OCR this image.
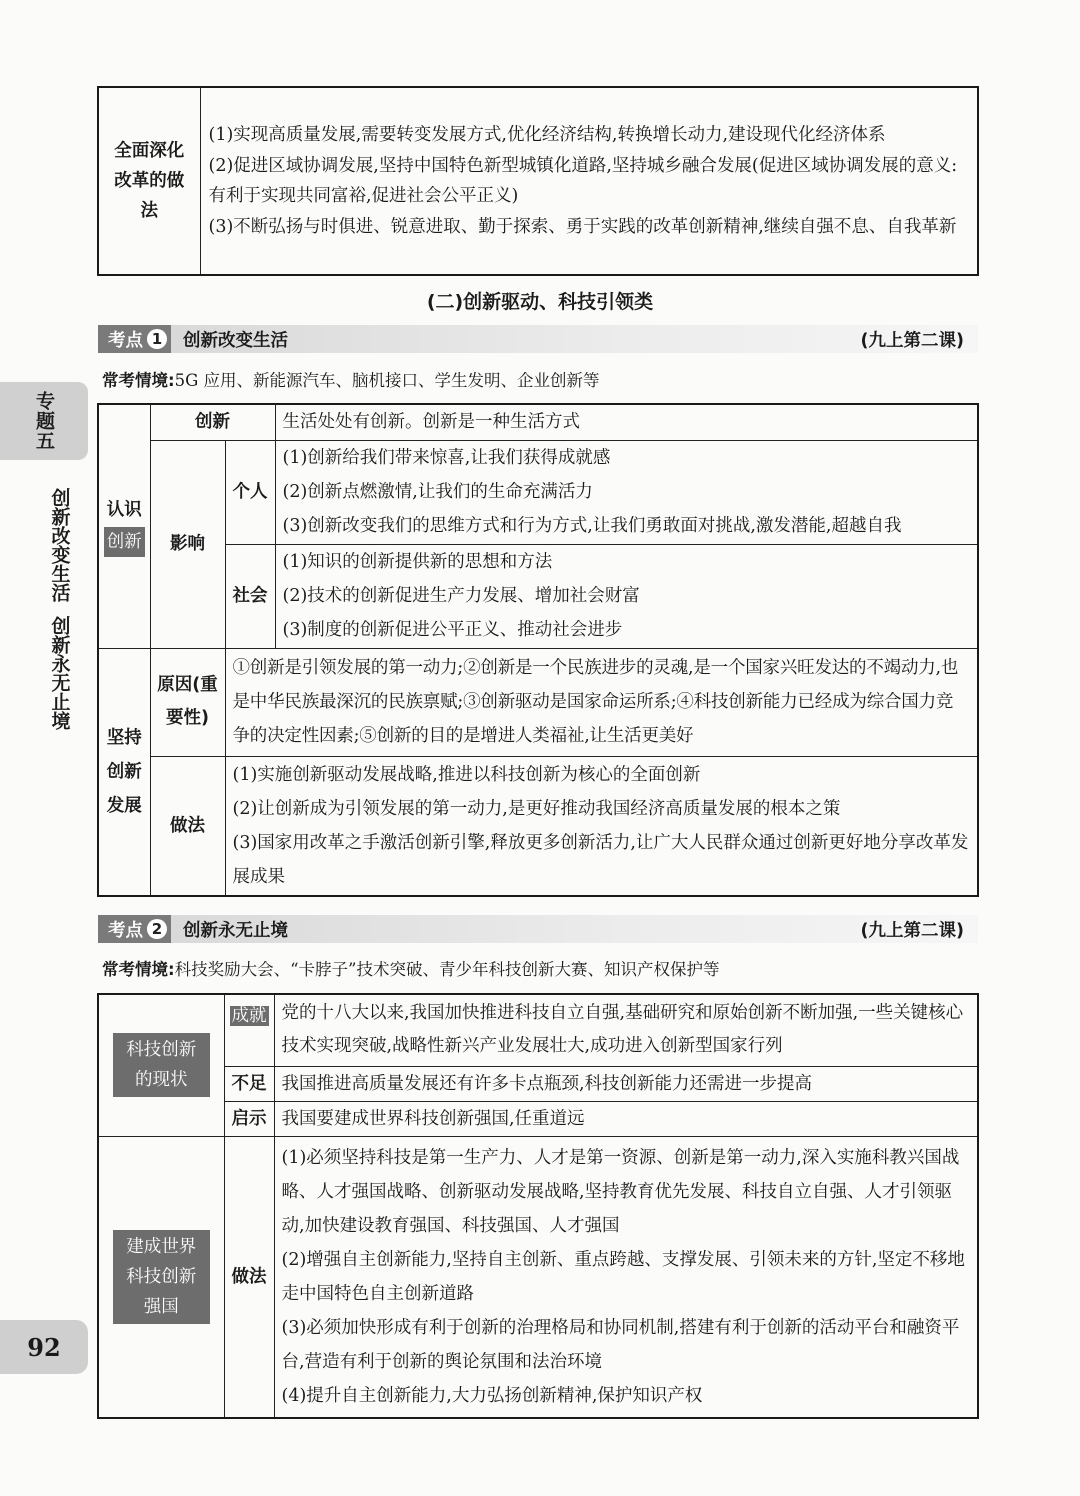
全面深化改革的做法	
(1)实现高质量发展,需要转变发展方式,优化经济结构,转换增长动力,建设现代化经济体系
(2)促进区域协调发展,坚持中国特色新型城镇化道路,坚持城乡融合发展(促进区域协调发展的意义:有利于实现共同富裕,促进社会公平正义)
(3)不断弘扬与时俱进、锐意进取、勤于探索、勇于实践的改革创新精神,继续自强不息、自我革新
(二)创新驱动、科技引领类
考点 1 创新改变生活	(九上第二课)
常考情境:5G 应用、新能源汽车、脑机接口、学生发明、企业创新等
认识
创新	创新		生活处处有创新。创新是一种生活方式
	影响	个人	(1)创新给我们带来惊喜,让我们获得成就感
(2)创新点燃激情,让我们的生命充满活力
(3)创新改变我们的思维方式和行为方式,让我们勇敢面对挑战,激发潜能,超越自我

		社会	(1)知识的创新提供新的思想和方法
(2)技术的创新促进生产力发展、增加社会财富
(3)制度的创新促进公平正义、推动社会进步

坚持创新发展	原因(重要性)	①创新是引领发展的第一动力;②创新是一个民族进步的灵魂,是一个国家兴旺发达的不竭动力,也是中华民族最深沉的民族禀赋;③创新驱动是国家命运所系;④科技创新能力已经成为综合国力竞争的决定性因素;⑤创新的目的是增进人类福祉,让生活更美好	
	做法	(1)实施创新驱动发展战略,推进以科技创新为核心的全面创新
(2)让创新成为引领发展的第一动力,是更好推动我国经济高质量发展的根本之策
(3)国家用改革之手激活创新引擎,释放更多创新活力,让广大人民群众通过创新更好地分享改革发展成果	
考点 2 创新永无止境	(九上第二课)
常考情境:科技奖励大会、“卡脖子”技术突破、青少年科技创新大赛、知识产权保护等
科技创新的现状	成就	党的十八大以来,我国加快推进科技自立自强,基础研究和原始创新不断加强,一些关键核心技术实现突破,战略性新兴产业发展壮大,成功进入创新型国家行列

	不足	我国推进高质量发展还有许多卡点瓶颈,科技创新能力还需进一步提高
	启示	我国要建成世界科技创新强国,任重道远
建成世界科技创新强国	做法	(1)必须坚持科技是第一生产力、人才是第一资源、创新是第一动力,深入实施科教兴国战略、人才强国战略、创新驱动发展战略,坚持教育优先发展、科技自立自强、人才引领驱动,加快建设教育强国、科技强国、人才强国
(2)增强自主创新能力,坚持自主创新、重点跨越、支撑发展、引领未来的方针,坚定不移地走中国特色自主创新道路
(3)必须加快形成有利于创新的治理格局和协同机制,搭建有利于创新的活动平台和融资平台,营造有利于创新的舆论氛围和法治环境
(4)提升自主创新能力,大力弘扬创新精神,保护知识产权
专题五
创新改变生活
创新永无止境
92
